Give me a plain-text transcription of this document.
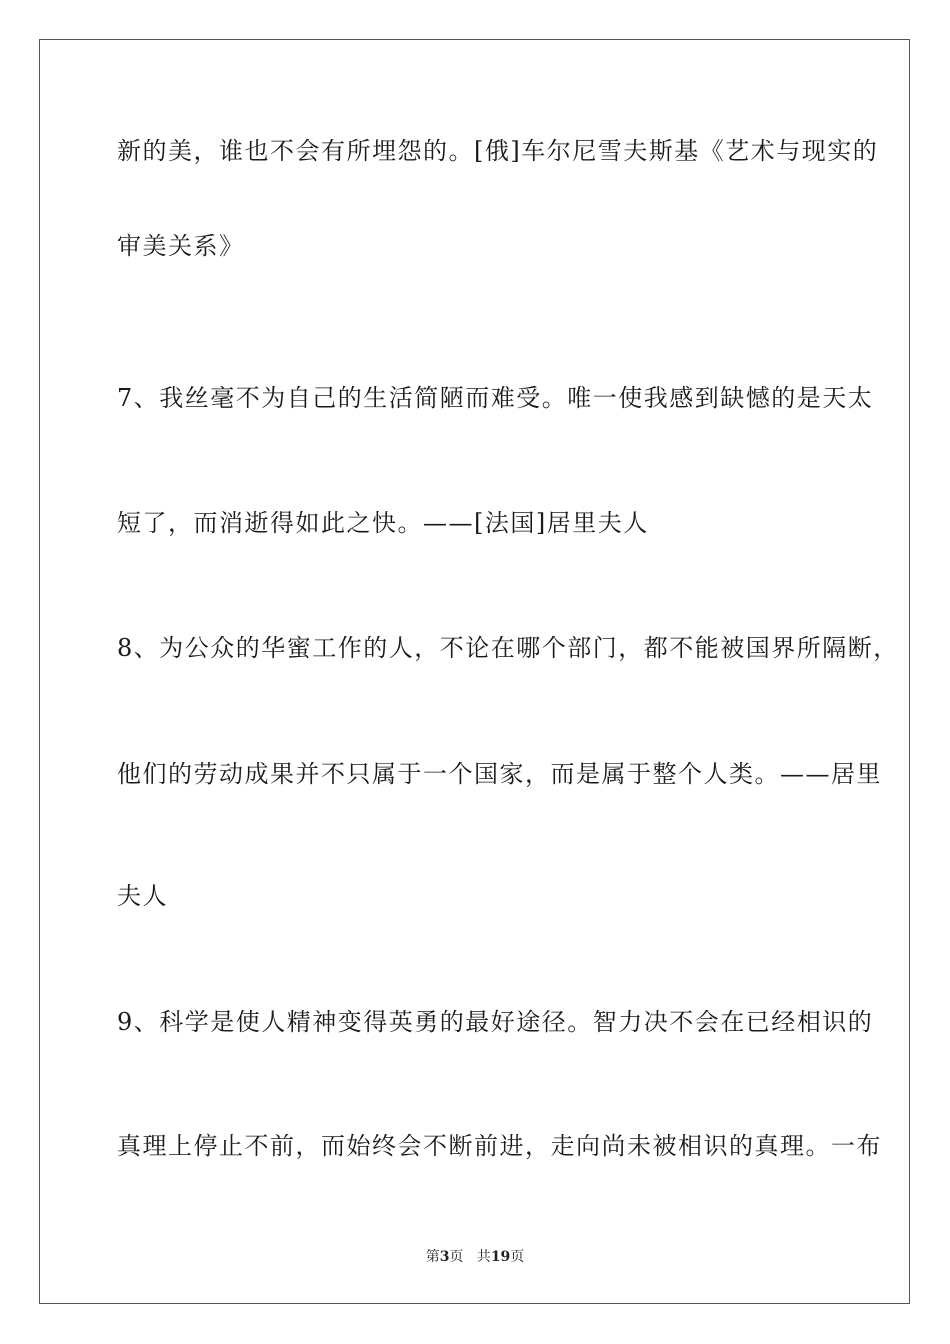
新的美，谁也不会有所埋怨的。[俄]车尔尼雪夫斯基《艺术与现实的
审美关系》
7、我丝毫不为自己的生活简陋而难受。唯一使我感到缺憾的是天太
短了，而消逝得如此之快。——[法国]居里夫人
8、为公众的华蜜工作的人，不论在哪个部门，都不能被国界所隔断，
他们的劳动成果并不只属于一个国家，而是属于整个人类。——居里
夫人
9、科学是使人精神变得英勇的最好途径。智力决不会在已经相识的
真理上停止不前，而始终会不断前进，走向尚未被相识的真理。一布
第3页   共19页
